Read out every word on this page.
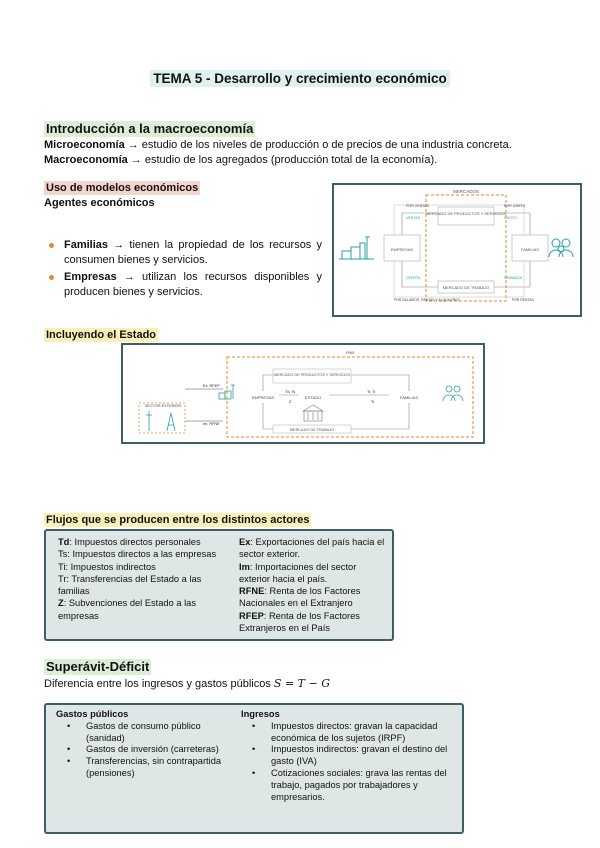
TEMA 5 - Desarrollo y crecimiento económico
Introducción a la macroeconomía
Microeconomía → estudio de los niveles de producción o de precios de una industria concreta.
Macroeconomía → estudio de los agregados (producción total de la economía).
Uso de modelos económicos
Agentes económicos
Familias → tienen la propiedad de los recursos y consumen bienes y servicios.
Empresas → utilizan los recursos disponibles y producen bienes y servicios.
MERCADOS
MERCADO DE PRODUCTOS Y SERVICIOS
MERCADO DE TRABAJO
EMPRESAS	FAMILIAS
POR VENTAS	POR GASTO
VENTAS	GASTO
OFERTA	DEMANDA
POR SALARIOS, RENTAS Y ALQUILERES	POR RENTAS
Incluyendo el Estado
PNB
SECTOR EXTERIOR
MERCADO DE PRODUCTOS Y SERVICIOS
MERCADO DE TRABAJO
EMPRESAS	ESTADO	FAMILIAS
Ex, RFEP
Im, RFNE
Td, Ts	Tr, Ti
Z	Tr
Flujos que se producen entre los distintos actores
Td: Impuestos directos personales
Ts: Impuestos directos a las empresas
Ti: Impuestos indirectos
Tr: Transferencias del Estado a las familias
Z: Subvenciones del Estado a las empresas
Ex: Exportaciones del país hacia el sector exterior.
Im: Importaciones del sector exterior hacia el país.
RFNE: Renta de los Factores Nacionales en el Extranjero
RFEP: Renta de los Factores Extranjeros en el País
Superávit-Déficit
Diferencia entre los ingresos y gastos públicos S = T − G
Gastos públicos
• Gastos de consumo público (sanidad)
• Gastos de inversión (carreteras)
• Transferencias, sin contrapartida (pensiones)
Ingresos
• Impuestos directos: gravan la capacidad económica de los sujetos (IRPF)
• Impuestos indirectos: gravan el destino del gasto (IVA)
• Cotizaciones sociales: grava las rentas del trabajo, pagados por trabajadores y empresarios.
